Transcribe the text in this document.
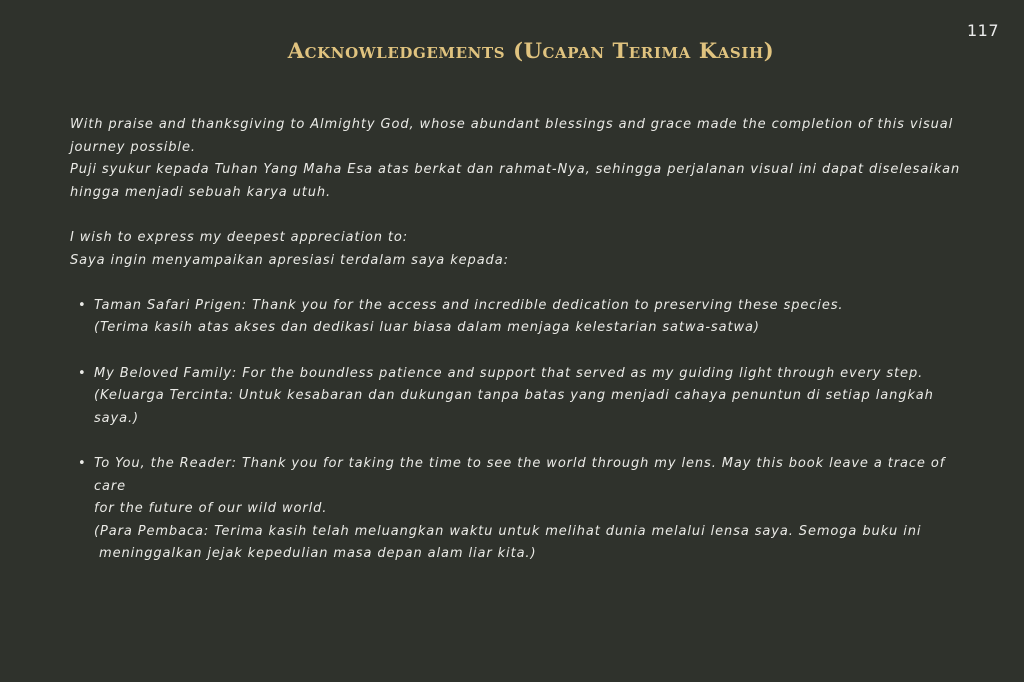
117
Acknowledgements (Ucapan Terima Kasih)

With praise and thanksgiving to Almighty God, whose abundant blessings and grace made the completion of this visual

journey possible.

Puji syukur kepada Tuhan Yang Maha Esa atas berkat dan rahmat-Nya, sehingga perjalanan visual ini dapat diselesaikan

hingga menjadi sebuah karya utuh.

I wish to express my deepest appreciation to:

Saya ingin menyampaikan apresiasi terdalam saya kepada:

• Taman Safari Prigen: Thank you for the access and incredible dedication to preserving these species.

(Terima kasih atas akses dan dedikasi luar biasa dalam menjaga kelestarian satwa-satwa)

• My Beloved Family: For the boundless patience and support that served as my guiding light through every step.

(Keluarga Tercinta: Untuk kesabaran dan dukungan tanpa batas yang menjadi cahaya penuntun di setiap langkah saya.)

• To You, the Reader: Thank you for taking the time to see the world through my lens. May this book leave a trace of care

for the future of our wild world.

(Para Pembaca: Terima kasih telah meluangkan waktu untuk melihat dunia melalui lensa saya. Semoga buku ini

meninggalkan jejak kepedulian masa depan alam liar kita.)
